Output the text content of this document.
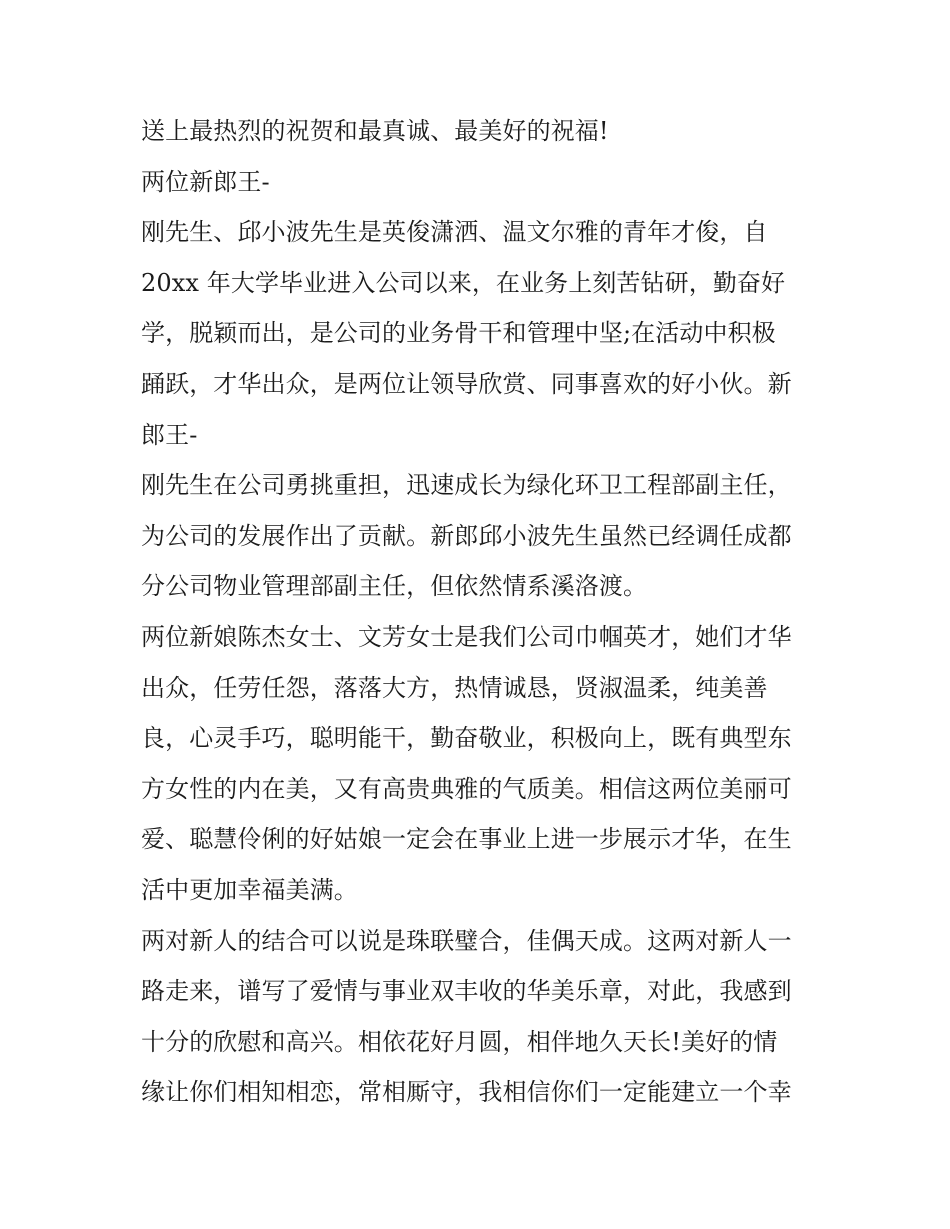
送上最热烈的祝贺和最真诚、最美好的祝福!

两位新郎王-

刚先生、邱小波先生是英俊潇洒、温文尔雅的青年才俊，自
20xx 年大学毕业进入公司以来，在业务上刻苦钻研，勤奋好
学，脱颖而出，是公司的业务骨干和管理中坚;在活动中积极
踊跃，才华出众，是两位让领导欣赏、同事喜欢的好小伙。新
郎王-

刚先生在公司勇挑重担，迅速成长为绿化环卫工程部副主任，
为公司的发展作出了贡献。新郎邱小波先生虽然已经调任成都
分公司物业管理部副主任，但依然情系溪洛渡。

两位新娘陈杰女士、文芳女士是我们公司巾帼英才，她们才华
出众，任劳任怨，落落大方，热情诚恳，贤淑温柔，纯美善
良，心灵手巧，聪明能干，勤奋敬业，积极向上，既有典型东
方女性的内在美，又有高贵典雅的气质美。相信这两位美丽可
爱、聪慧伶俐的好姑娘一定会在事业上进一步展示才华，在生
活中更加幸福美满。

两对新人的结合可以说是珠联璧合，佳偶天成。这两对新人一
路走来，谱写了爱情与事业双丰收的华美乐章，对此，我感到
十分的欣慰和高兴。相依花好月圆，相伴地久天长!美好的情
缘让你们相知相恋，常相厮守，我相信你们一定能建立一个幸
